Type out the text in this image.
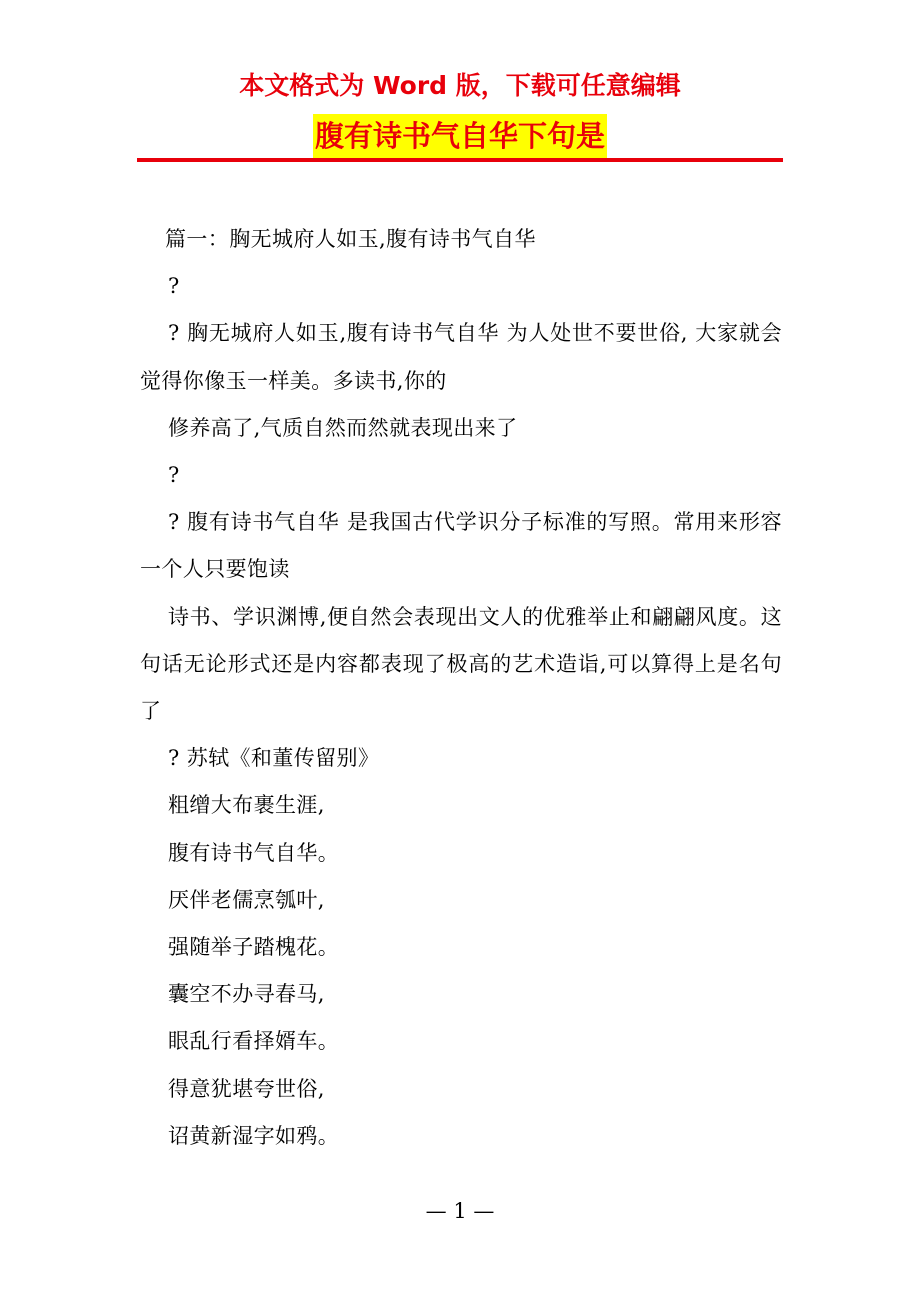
本文格式为 Word 版，下载可任意编辑
腹有诗书气自华下句是

篇一：胸无城府人如玉,腹有诗书气自华

?

? 胸无城府人如玉,腹有诗书气自华 为人处世不要世俗, 大家就会觉得你像玉一样美。多读书,你的

修养高了,气质自然而然就表现出来了

?

? 腹有诗书气自华 是我国古代学识分子标准的写照。常用来形容一个人只要饱读

诗书、学识渊博,便自然会表现出文人的优雅举止和翩翩风度。这句话无论形式还是内容都表现了极高的艺术造诣,可以算得上是名句了

? 苏轼《和董传留别》

粗缯大布裹生涯,

腹有诗书气自华。

厌伴老儒烹瓠叶,

强随举子踏槐花。

囊空不办寻春马,

眼乱行看择婿车。

得意犹堪夸世俗,

诏黄新湿字如鸦。

— 1 —
